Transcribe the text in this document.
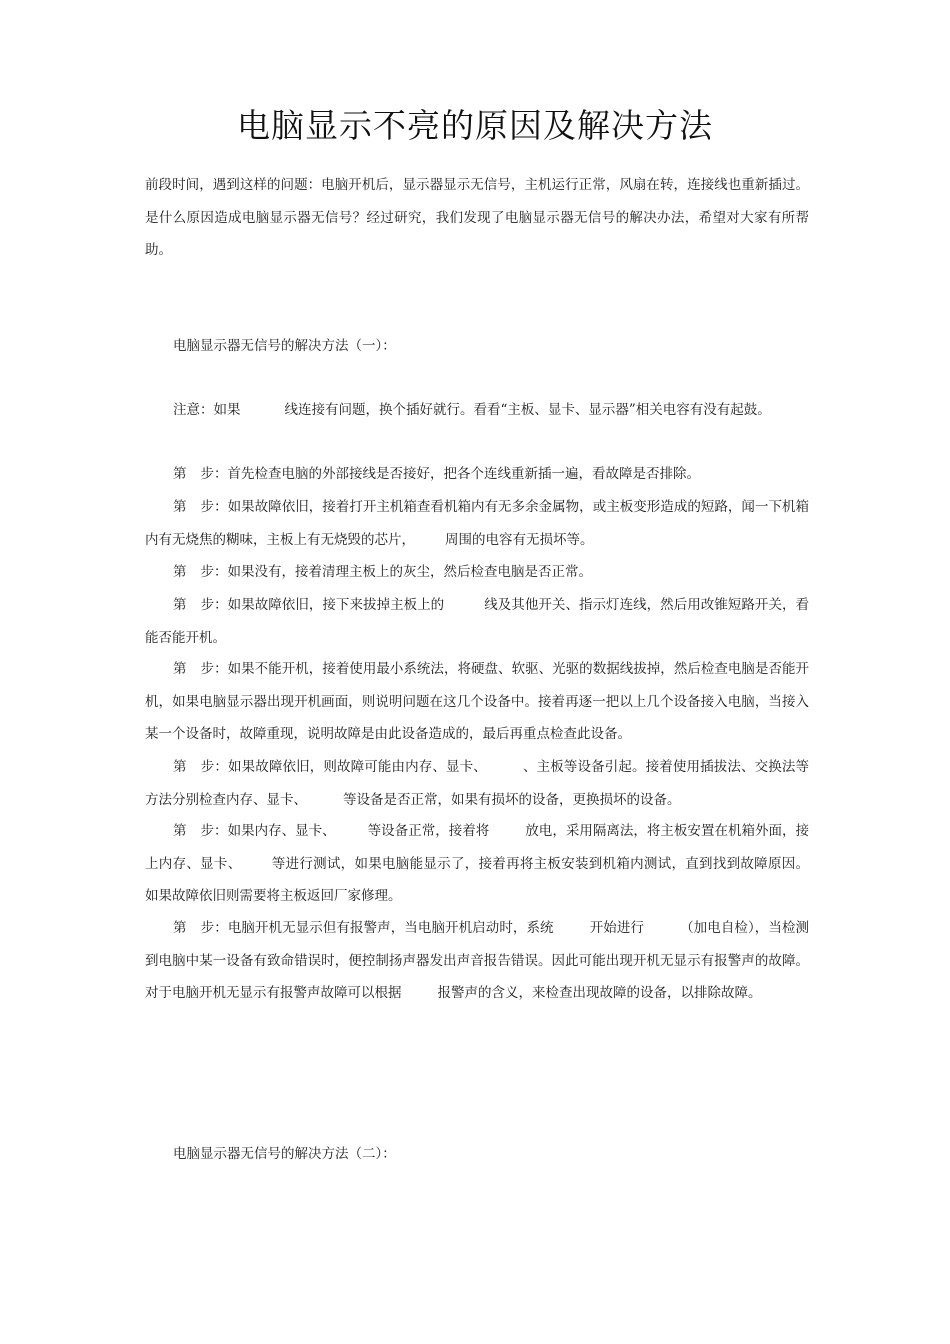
电脑显示不亮的原因及解决方法

前段时间，遇到这样的问题：电脑开机后，显示器显示无信号，主机运行正常，风扇在转，连接线也重新插过。是什么原因造成电脑显示器无信号？经过研究，我们发现了电脑显示器无信号的解决办法，希望对大家有所帮助。

电脑显示器无信号的解决方法（一）：

注意：如果	线连接有问题，换个插好就行。看看“主板、显卡、显示器”相关电容有没有起鼓。

第 步：首先检查电脑的外部接线是否接好，把各个连线重新插一遍，看故障是否排除。

第 步：如果故障依旧，接着打开主机箱查看机箱内有无多余金属物，或主板变形造成的短路，闻一下机箱内有无烧焦的糊味，主板上有无烧毁的芯片， 周围的电容有无损坏等。

第 步：如果没有，接着清理主板上的灰尘，然后检查电脑是否正常。

第 步：如果故障依旧，接下来拔掉主板上的	线及其他开关、指示灯连线，然后用改锥短路开关，看能否能开机。

第 步：如果不能开机，接着使用最小系统法，将硬盘、软驱、光驱的数据线拔掉，然后检查电脑是否能开机，如果电脑显示器出现开机画面，则说明问题在这几个设备中。接着再逐一把以上几个设备接入电脑，当接入某一个设备时，故障重现，说明故障是由此设备造成的，最后再重点检查此设备。

第 步：如果故障依旧，则故障可能由内存、显卡、	、主板等设备引起。接着使用插拔法、交换法等方法分别检查内存、显卡、	等设备是否正常，如果有损坏的设备，更换损坏的设备。

第 步：如果内存、显卡、 等设备正常，接着将	放电，采用隔离法，将主板安置在机箱外面，接上内存、显卡、 等进行测试，如果电脑能显示了，接着再将主板安装到机箱内测试，直到找到故障原因。如果故障依旧则需要将主板返回厂家修理。

第 步：电脑开机无显示但有报警声，当电脑开机启动时，系统	开始进行	（加电自检），当检测到电脑中某一设备有致命错误时，便控制扬声器发出声音报告错误。因此可能出现开机无显示有报警声的故障。对于电脑开机无显示有报警声故障可以根据	报警声的含义，来检查出现故障的设备，以排除故障。

电脑显示器无信号的解决方法（二）：
